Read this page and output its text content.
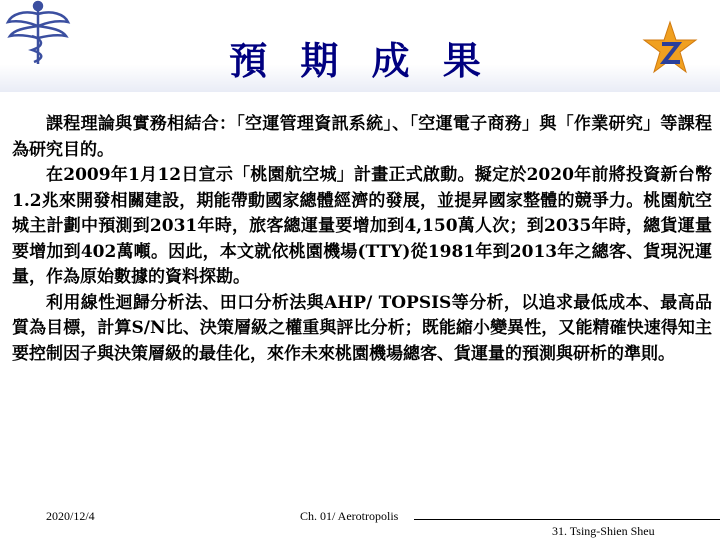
預 期 成 果

課程理論與實務相結合：「空運管理資訊系統」、「空運電子商務」與「作業研究」等課程為研究目的。

在2009年1月12日宣示「桃園航空城」計畫正式啟動。擬定於2020年前將投資新台幣1.2兆來開發相關建設，期能帶動國家總體經濟的發展，並提昇國家整體的競爭力。桃園航空城主計劃中預測到2031年時，旅客總運量要增加到4,150萬人次；到2035年時，總貨運量要增加到402萬噸。因此，本文就依桃園機場(TTY)從1981年到2013年之總客、貨現況運量，作為原始數據的資料探勘。

利用線性迴歸分析法、田口分析法與AHP/ TOPSIS等分析，以追求最低成本、最高品質為目標，計算S/N比、決策層級之權重與評比分析；既能縮小變異性，又能精確快速得知主要控制因子與決策層級的最佳化，來作未來桃園機場總客、貨運量的預測與研析的準則。

2020/12/4	Ch. 01/ Aerotropolis
31. Tsing-Shien Sheu
